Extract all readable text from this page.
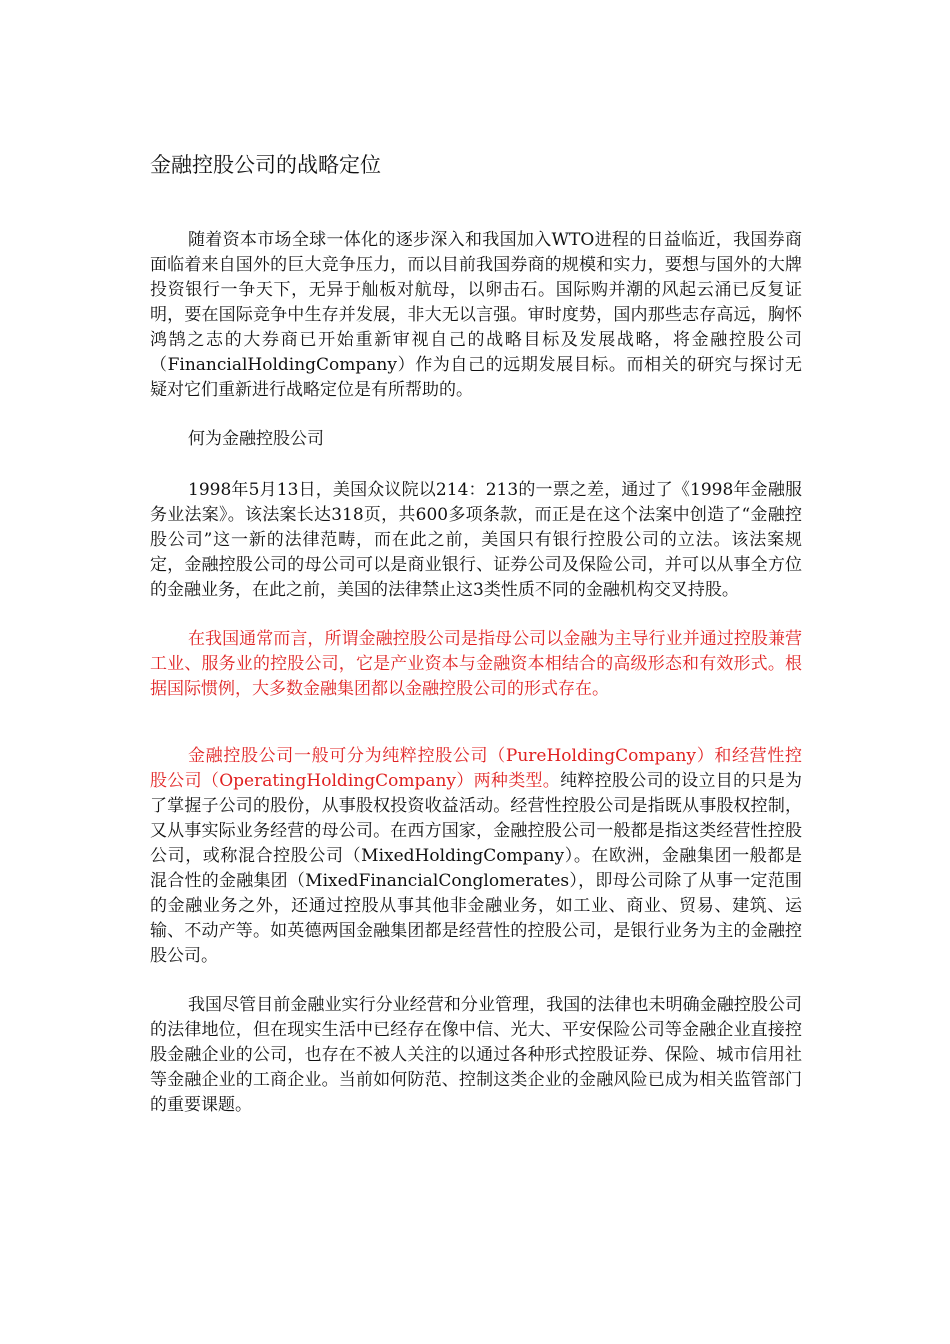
金融控股公司的战略定位

随着资本市场全球一体化的逐步深入和我国加入WTO进程的日益临近，我国券商面临着来自国外的巨大竞争压力，而以目前我国券商的规模和实力，要想与国外的大牌投资银行一争天下，无异于舢板对航母，以卵击石。国际购并潮的风起云涌已反复证明，要在国际竞争中生存并发展，非大无以言强。审时度势，国内那些志存高远，胸怀鸿鹄之志的大券商已开始重新审视自己的战略目标及发展战略，将金融控股公司（FinancialHoldingCompany）作为自己的远期发展目标。而相关的研究与探讨无疑对它们重新进行战略定位是有所帮助的。

何为金融控股公司

1998年5月13日，美国众议院以214：213的一票之差，通过了《1998年金融服务业法案》。该法案长达318页，共600多项条款，而正是在这个法案中创造了“金融控股公司”这一新的法律范畴，而在此之前，美国只有银行控股公司的立法。该法案规定，金融控股公司的母公司可以是商业银行、证券公司及保险公司，并可以从事全方位的金融业务，在此之前，美国的法律禁止这3类性质不同的金融机构交叉持股。

在我国通常而言，所谓金融控股公司是指母公司以金融为主导行业并通过控股兼营工业、服务业的控股公司，它是产业资本与金融资本相结合的高级形态和有效形式。根据国际惯例，大多数金融集团都以金融控股公司的形式存在。

金融控股公司一般可分为纯粹控股公司（PureHoldingCompany）和经营性控股公司（OperatingHoldingCompany）两种类型。纯粹控股公司的设立目的只是为了掌握子公司的股份，从事股权投资收益活动。经营性控股公司是指既从事股权控制，又从事实际业务经营的母公司。在西方国家，金融控股公司一般都是指这类经营性控股公司，或称混合控股公司（MixedHoldingCompany）。在欧洲，金融集团一般都是混合性的金融集团（MixedFinancialConglomerates），即母公司除了从事一定范围的金融业务之外，还通过控股从事其他非金融业务，如工业、商业、贸易、建筑、运输、不动产等。如英德两国金融集团都是经营性的控股公司，是银行业务为主的金融控股公司。

我国尽管目前金融业实行分业经营和分业管理，我国的法律也未明确金融控股公司的法律地位，但在现实生活中已经存在像中信、光大、平安保险公司等金融企业直接控股金融企业的公司，也存在不被人关注的以通过各种形式控股证券、保险、城市信用社等金融企业的工商企业。当前如何防范、控制这类企业的金融风险已成为相关监管部门的重要课题。
